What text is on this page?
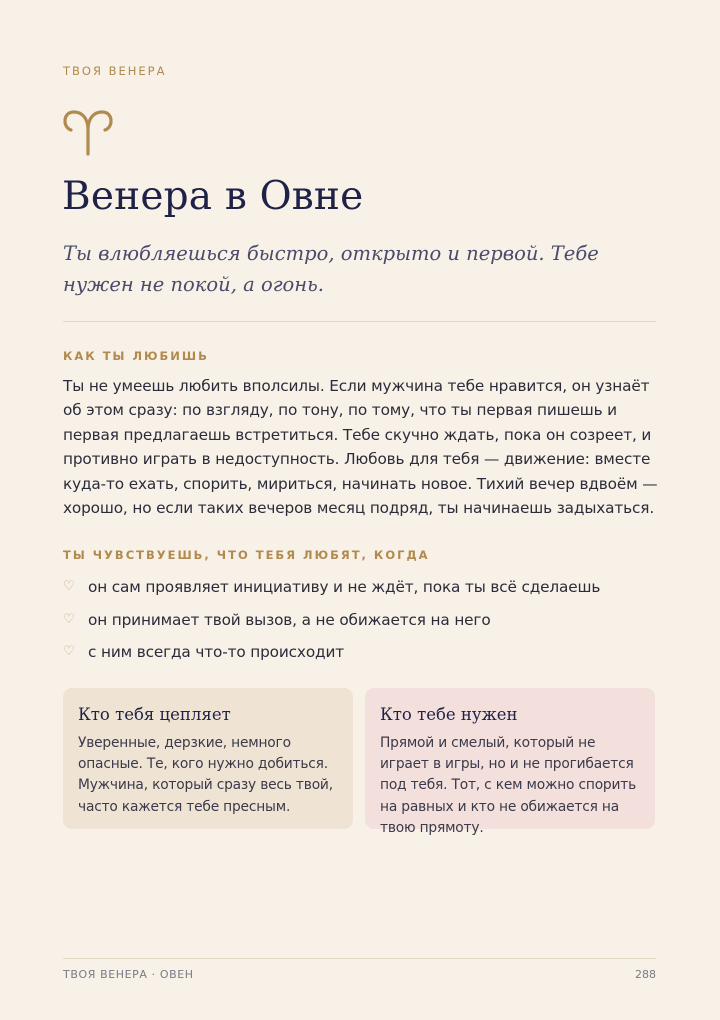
ТВОЯ ВЕНЕРА
Венера в Овне

Ты влюбляешься быстро, открыто и первой. Тебе нужен не покой, а огонь.

КАК ТЫ ЛЮБИШЬ

Ты не умеешь любить вполсилы. Если мужчина тебе нравится, он узнаёт об этом сразу: по взгляду, по тону, по тому, что ты первая пишешь и первая предлагаешь встретиться. Тебе скучно ждать, пока он созреет, и противно играть в недоступность. Любовь для тебя — движение: вместе куда-то ехать, спорить, мириться, начинать новое. Тихий вечер вдвоём — хорошо, но если таких вечеров месяц подряд, ты начинаешь задыхаться.

ТЫ ЧУВСТВУЕШЬ, ЧТО ТЕБЯ ЛЮБЯТ, КОГДА
♡ он сам проявляет инициативу и не ждёт, пока ты всё сделаешь
♡ он принимает твой вызов, а не обижается на него
♡ с ним всегда что-то происходит
Кто тебя цепляет

Уверенные, дерзкие, немного опасные. Те, кого нужно добиться. Мужчина, который сразу весь твой, часто кажется тебе пресным.

Кто тебе нужен

Прямой и смелый, который не играет в игры, но и не прогибается под тебя. Тот, с кем можно спорить на равных и кто не обижается на твою прямоту.

ТВОЯ ВЕНЕРА · ОВЕН	288
